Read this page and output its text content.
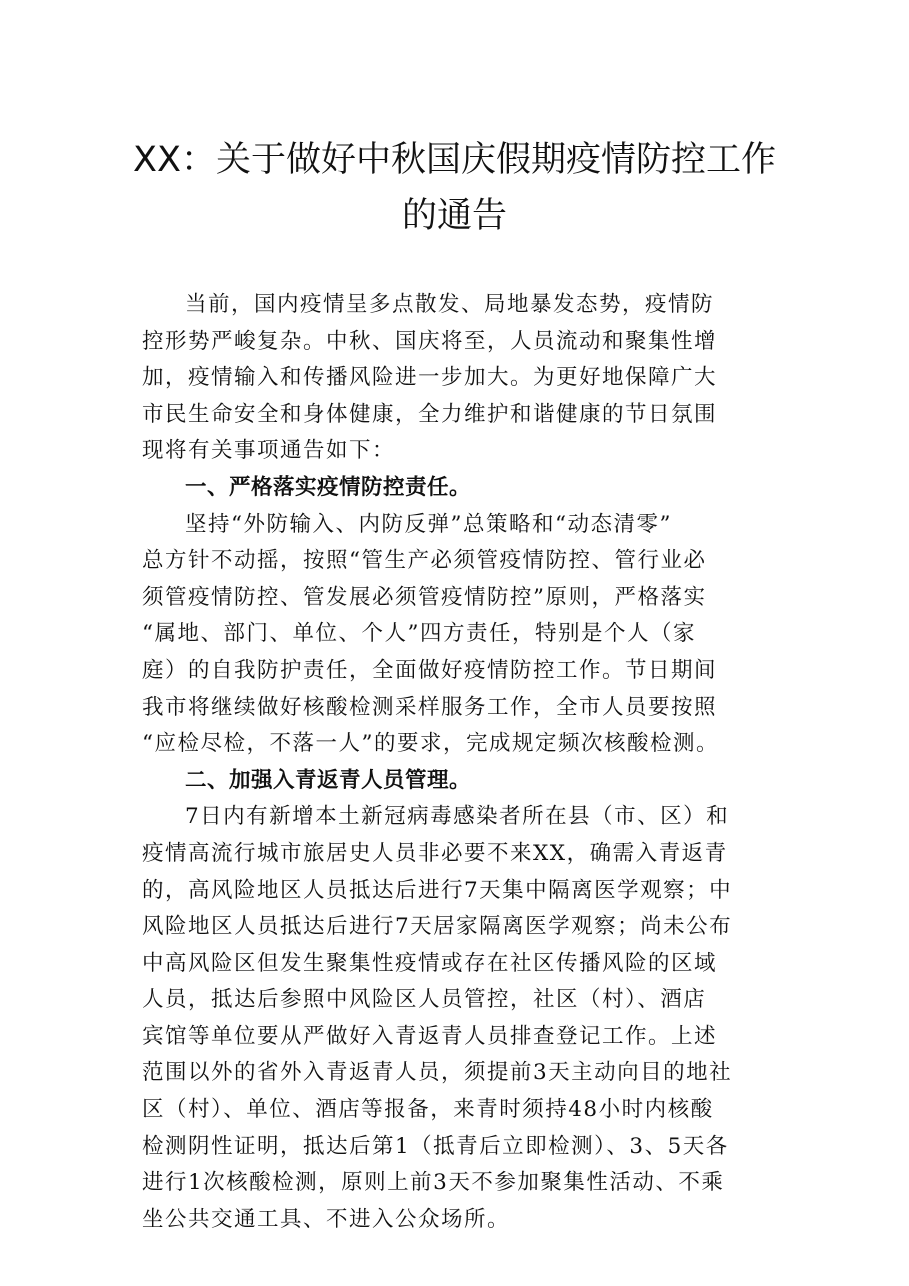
XX：关于做好中秋国庆假期疫情防控工作
的通告
当前，国内疫情呈多点散发、局地暴发态势，疫情防
控形势严峻复杂。中秋、国庆将至，人员流动和聚集性增
加，疫情输入和传播风险进一步加大。为更好地保障广大
市民生命安全和身体健康，全力维护和谐健康的节日氛围
现将有关事项通告如下：
一、严格落实疫情防控责任。
坚持“外防输入、内防反弹”总策略和“动态清零”
总方针不动摇，按照“管生产必须管疫情防控、管行业必
须管疫情防控、管发展必须管疫情防控”原则，严格落实
“属地、部门、单位、个人”四方责任，特别是个人（家
庭）的自我防护责任，全面做好疫情防控工作。节日期间
我市将继续做好核酸检测采样服务工作，全市人员要按照
“应检尽检，不落一人”的要求，完成规定频次核酸检测。
二、加强入青返青人员管理。
7日内有新增本土新冠病毒感染者所在县（市、区）和
疫情高流行城市旅居史人员非必要不来XX，确需入青返青
的，高风险地区人员抵达后进行7天集中隔离医学观察；中
风险地区人员抵达后进行7天居家隔离医学观察；尚未公布
中高风险区但发生聚集性疫情或存在社区传播风险的区域
人员，抵达后参照中风险区人员管控，社区（村）、酒店
宾馆等单位要从严做好入青返青人员排查登记工作。上述
范围以外的省外入青返青人员，须提前3天主动向目的地社
区（村）、单位、酒店等报备，来青时须持48小时内核酸
检测阴性证明，抵达后第1（抵青后立即检测）、3、5天各
进行1次核酸检测，原则上前3天不参加聚集性活动、不乘
坐公共交通工具、不进入公众场所。
